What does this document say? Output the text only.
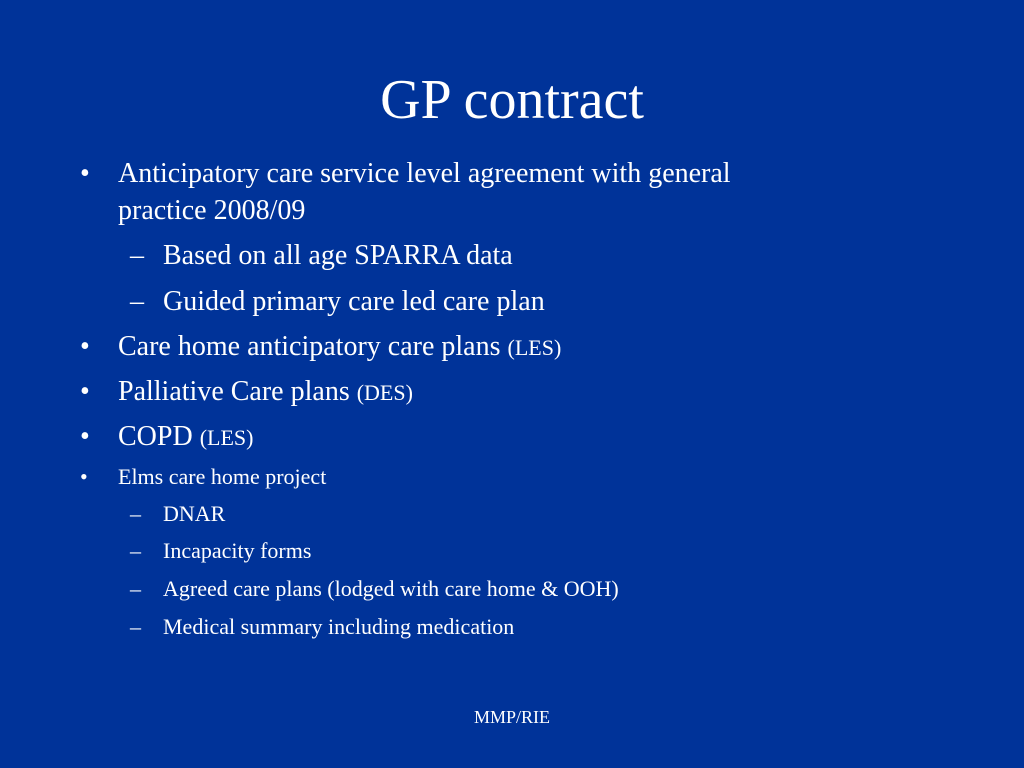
GP contract
• Anticipatory care service level agreement with general
practice 2008/09
– Based on all age SPARRA data
– Guided primary care led care plan
• Care home anticipatory care plans (LES)
• Palliative Care plans (DES)
• COPD (LES)
• Elms care home project
– DNAR
– Incapacity forms
– Agreed care plans (lodged with care home & OOH)
– Medical summary including medication
MMP/RIE
